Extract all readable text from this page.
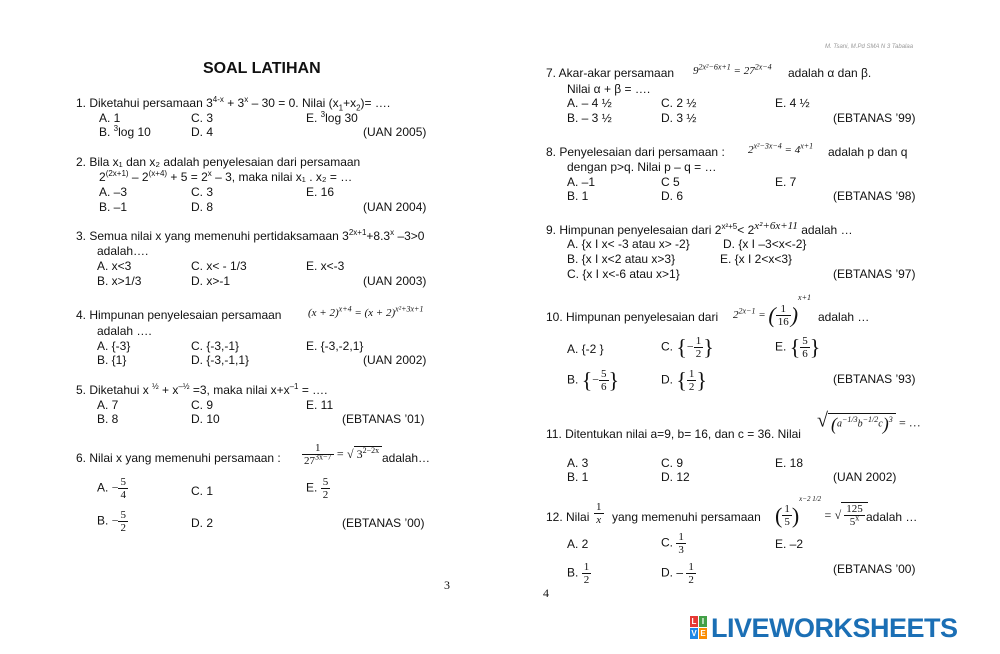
SOAL LATIHAN
1. Diketahui persamaan $3^{4-x} + 3^x - 30 = 0$. Nilai $(x_1+x_2)=$ ….
A. 1	C. 3	E. $^3$log 30
B. $^3$log 10	D. 4	(UAN 2005)
2. Bila x₁ dan x₂ adalah penyelesaian dari persamaan
$2^{(2x+1)} - 2^{(x+4)} + 5 = 2^x - 3$, maka nilai x₁ . x₂ = …
A. –3	C. 3	E. 16
B. –1	D. 8	(UAN 2004)
3. Semua nilai x yang memenuhi pertidaksamaan $3^{2x+1}+8.3^x$ –3>0
adalah….
A. x<3	C. x< - 1/3	E. x<-3
B. x>1/3	D. x>-1	(UAN 2003)
4. Himpunan penyelesaian persamaan $(x + 2)^{x+4} = (x + 2)^{x^2+3x+1}$
adalah ….
A. {-3}	C. {-3,-1}	E. {-3,-2,1}
B. {1}	D. {-3,-1,1}	(UAN 2002)
5. Diketahui x $^{\frac{1}{2}} + x^{-\frac{1}{2}} =3$, maka nilai $x+x^{-1}$ = ….
A. 7	C. 9	E. 11
B. 8	D. 10	(EBTANAS ’01)
6. Nilai x yang memenuhi persamaan : $\frac{1}{27^{3x-7}}$ = √ $3^{2-2x}$
adalah…
A. − $\frac{5}{4}$	C. 1	E. $\frac{5}{2}$
B. − $\frac{5}{2}$	D. 2	(EBTANAS ’00)
3
M. Tsani, M.Pd SMA N 3 Tabalaa
7. Akar-akar persamaan $9^{2x^2-6x+1} = 27^{2x-4}$ adalah α dan β.
Nilai α + β = ….
A. – 4 ½	C. 2 ½	E. 4 ½
B. – 3 ½	D. 3 ½	(EBTANAS ’99)
8. Penyelesaian dari persamaan : $2^{x^2-3x-4} = 4^{x+1}$ adalah p dan q
dengan p>q. Nilai p – q = …
A. –1	C 5	E. 7
B. 1	D. 6	(EBTANAS ’98)
9. Himpunan penyelesaian dari $2^{x^2+5}< 2^{x^2+6x+11}$ adalah …
A. {x I x< -3 atau x> -2}	D. {x I –3<x<-2}
B. {x I x<2 atau x>3}	E. {x I 2<x<3}
C. {x I x<-6 atau x>1}	(EBTANAS ’97)
10. Himpunan penyelesaian dari $2^{2x-1}$ = ( $\frac{1}{16} )^{x+1}$
adalah …
A. {-2 }	C. {− $\frac{1}{2}$ }	E. { $\frac{5}{6}$ }
B. {− $\frac{5}{6}$ }	D. { $\frac{1}{2}$ }	(EBTANAS ’93)
11. Ditentukan nilai a=9, b= 16, dan c = 36. Nilai
√ $(a^{-1/3}b^{-1/2}c)^3$ = …
A. 3	C. 9	E. 18
B. 1	D. 12	(UAN 2002)
12. Nilai $\frac{1}{x}$ yang memenuhi persamaan ( $\frac{1}{5} )^{x-2 1/2}$ = √ $\frac{125}{5^x}$ adalah …
A. 2	C. $\frac{1}{3}$	E. –2
B. $\frac{1}{2}$	D. – $\frac{1}{2}$	(EBTANAS ’00)
4
L I
V E LIVEWORKSHEETS
